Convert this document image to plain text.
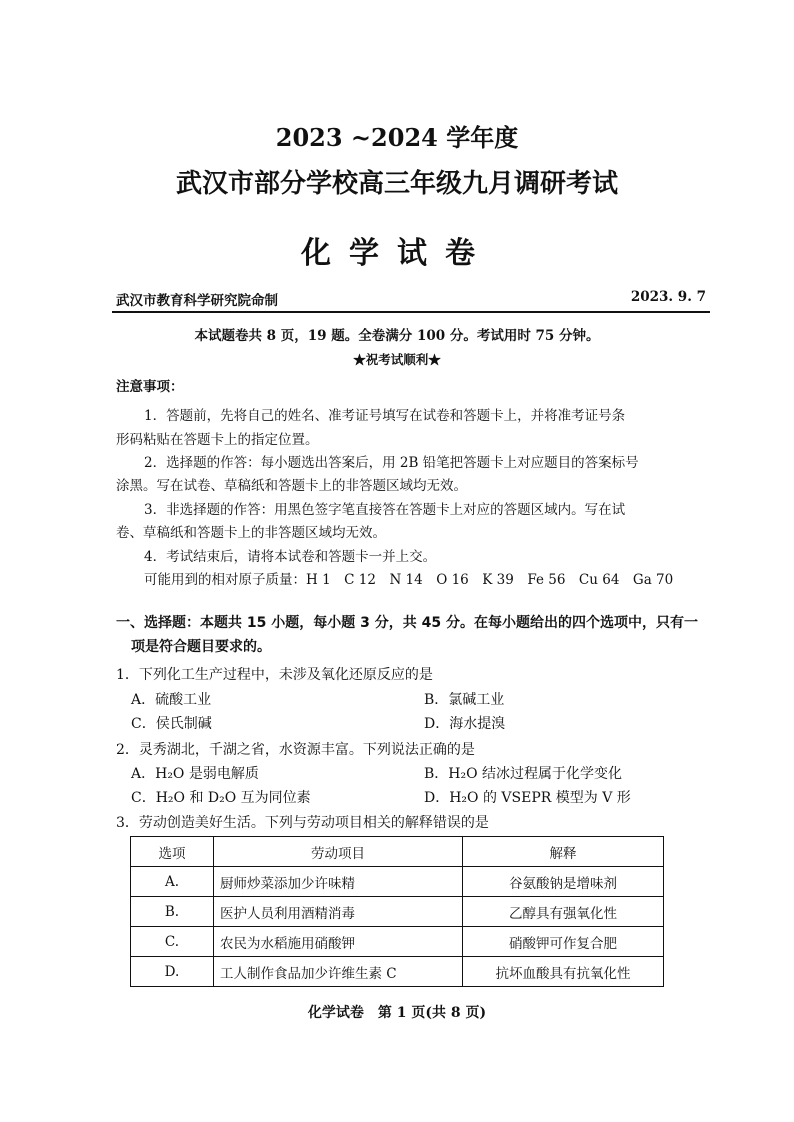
2023 ~2024 学年度
武汉市部分学校高三年级九月调研考试
化学试卷
武汉市教育科学研究院命制	2023. 9. 7
本试题卷共 8 页，19 题。全卷满分 100 分。考试用时 75 分钟。
★祝考试顺利★
注意事项：
1．答题前，先将自己的姓名、准考证号填写在试卷和答题卡上，并将准考证号条
形码粘贴在答题卡上的指定位置。
2．选择题的作答：每小题选出答案后，用 2B 铅笔把答题卡上对应题目的答案标号
涂黑。写在试卷、草稿纸和答题卡上的非答题区域均无效。
3．非选择题的作答：用黑色签字笔直接答在答题卡上对应的答题区域内。写在试
卷、草稿纸和答题卡上的非答题区域均无效。
4．考试结束后，请将本试卷和答题卡一并上交。
可能用到的相对原子质量：H 1　C 12　N 14　O 16　K 39　Fe 56　Cu 64　Ga 70
一、选择题：本题共 15 小题，每小题 3 分，共 45 分。在每小题给出的四个选项中，只有一
项是符合题目要求的。
1．下列化工生产过程中，未涉及氧化还原反应的是
A．硫酸工业	B．氯碱工业
C．侯氏制碱	D．海水提溴
2．灵秀湖北，千湖之省，水资源丰富。下列说法正确的是
A．H₂O 是弱电解质	B．H₂O 结冰过程属于化学变化
C．H₂O 和 D₂O 互为同位素	D．H₂O 的 VSEPR 模型为 V 形
3．劳动创造美好生活。下列与劳动项目相关的解释错误的是
选项	劳动项目	解释
A.	厨师炒菜添加少许味精	谷氨酸钠是增味剂
B.	医护人员利用酒精消毒	乙醇具有强氧化性
C.	农民为水稻施用硝酸钾	硝酸钾可作复合肥
D.	工人制作食品加少许维生素 C	抗坏血酸具有抗氧化性
化学试卷　第 1 页(共 8 页)
